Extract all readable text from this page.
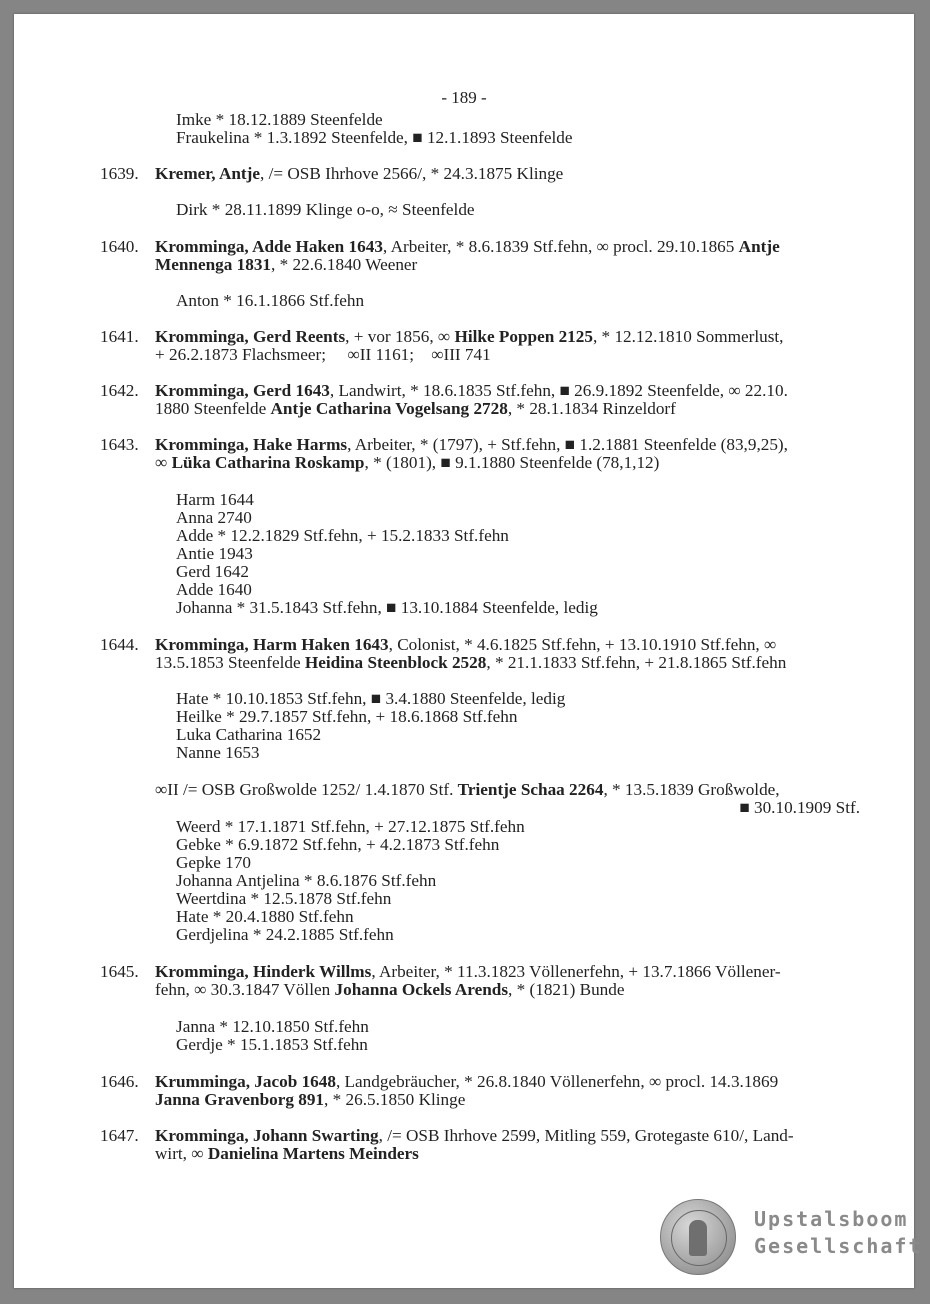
- 189 -
Imke * 18.12.1889 Steenfelde
Fraukelina * 1.3.1892 Steenfelde, ■ 12.1.1893 Steenfelde
1639. Kremer, Antje, /= OSB Ihrhove 2566/, * 24.3.1875 Klinge
Dirk * 28.11.1899 Klinge o-o, ≈ Steenfelde
1640. Kromminga, Adde Haken 1643, Arbeiter, * 8.6.1839 Stf.fehn, ∞ procl. 29.10.1865 Antje
Mennenga 1831, * 22.6.1840 Weener
Anton * 16.1.1866 Stf.fehn
1641. Kromminga, Gerd Reents, + vor 1856, ∞ Hilke Poppen 2125, * 12.12.1810 Sommerlust,
+ 26.2.1873 Flachsmeer;     ∞II 1161;    ∞III 741
1642. Kromminga, Gerd 1643, Landwirt, * 18.6.1835 Stf.fehn, ■ 26.9.1892 Steenfelde, ∞ 22.10.
1880 Steenfelde Antje Catharina Vogelsang 2728, * 28.1.1834 Rinzeldorf
1643. Kromminga, Hake Harms, Arbeiter, * (1797), + Stf.fehn, ■ 1.2.1881 Steenfelde (83,9,25),
∞ Lüka Catharina Roskamp, * (1801), ■ 9.1.1880 Steenfelde (78,1,12)
Harm 1644
Anna 2740
Adde * 12.2.1829 Stf.fehn, + 15.2.1833 Stf.fehn
Antie 1943
Gerd 1642
Adde 1640
Johanna * 31.5.1843 Stf.fehn, ■ 13.10.1884 Steenfelde, ledig
1644. Kromminga, Harm Haken 1643, Colonist, * 4.6.1825 Stf.fehn, + 13.10.1910 Stf.fehn, ∞
13.5.1853 Steenfelde Heidina Steenblock 2528, * 21.1.1833 Stf.fehn, + 21.8.1865 Stf.fehn
Hate * 10.10.1853 Stf.fehn, ■ 3.4.1880 Steenfelde, ledig
Heilke * 29.7.1857 Stf.fehn, + 18.6.1868 Stf.fehn
Luka Catharina 1652
Nanne 1653
∞II /= OSB Großwolde 1252/ 1.4.1870 Stf. Trientje Schaa 2264, * 13.5.1839 Großwolde,
■ 30.10.1909 Stf.
Weerd * 17.1.1871 Stf.fehn, + 27.12.1875 Stf.fehn
Gebke * 6.9.1872 Stf.fehn, + 4.2.1873 Stf.fehn
Gepke 170
Johanna Antjelina * 8.6.1876 Stf.fehn
Weertdina * 12.5.1878 Stf.fehn
Hate * 20.4.1880 Stf.fehn
Gerdjelina * 24.2.1885 Stf.fehn
1645. Kromminga, Hinderk Willms, Arbeiter, * 11.3.1823 Völlenerfehn, + 13.7.1866 Völlener-
fehn, ∞ 30.3.1847 Völlen Johanna Ockels Arends, * (1821) Bunde
Janna * 12.10.1850 Stf.fehn
Gerdje * 15.1.1853 Stf.fehn
1646. Krumminga, Jacob 1648, Landgebräucher, * 26.8.1840 Völlenerfehn, ∞ procl. 14.3.1869
Janna Gravenborg 891, * 26.5.1850 Klinge
1647. Kromminga, Johann Swarting, /= OSB Ihrhove 2599, Mitling 559, Grotegaste 610/, Land-
wirt, ∞ Danielina Martens Meinders
Upstalsboom
Gesellschaft
